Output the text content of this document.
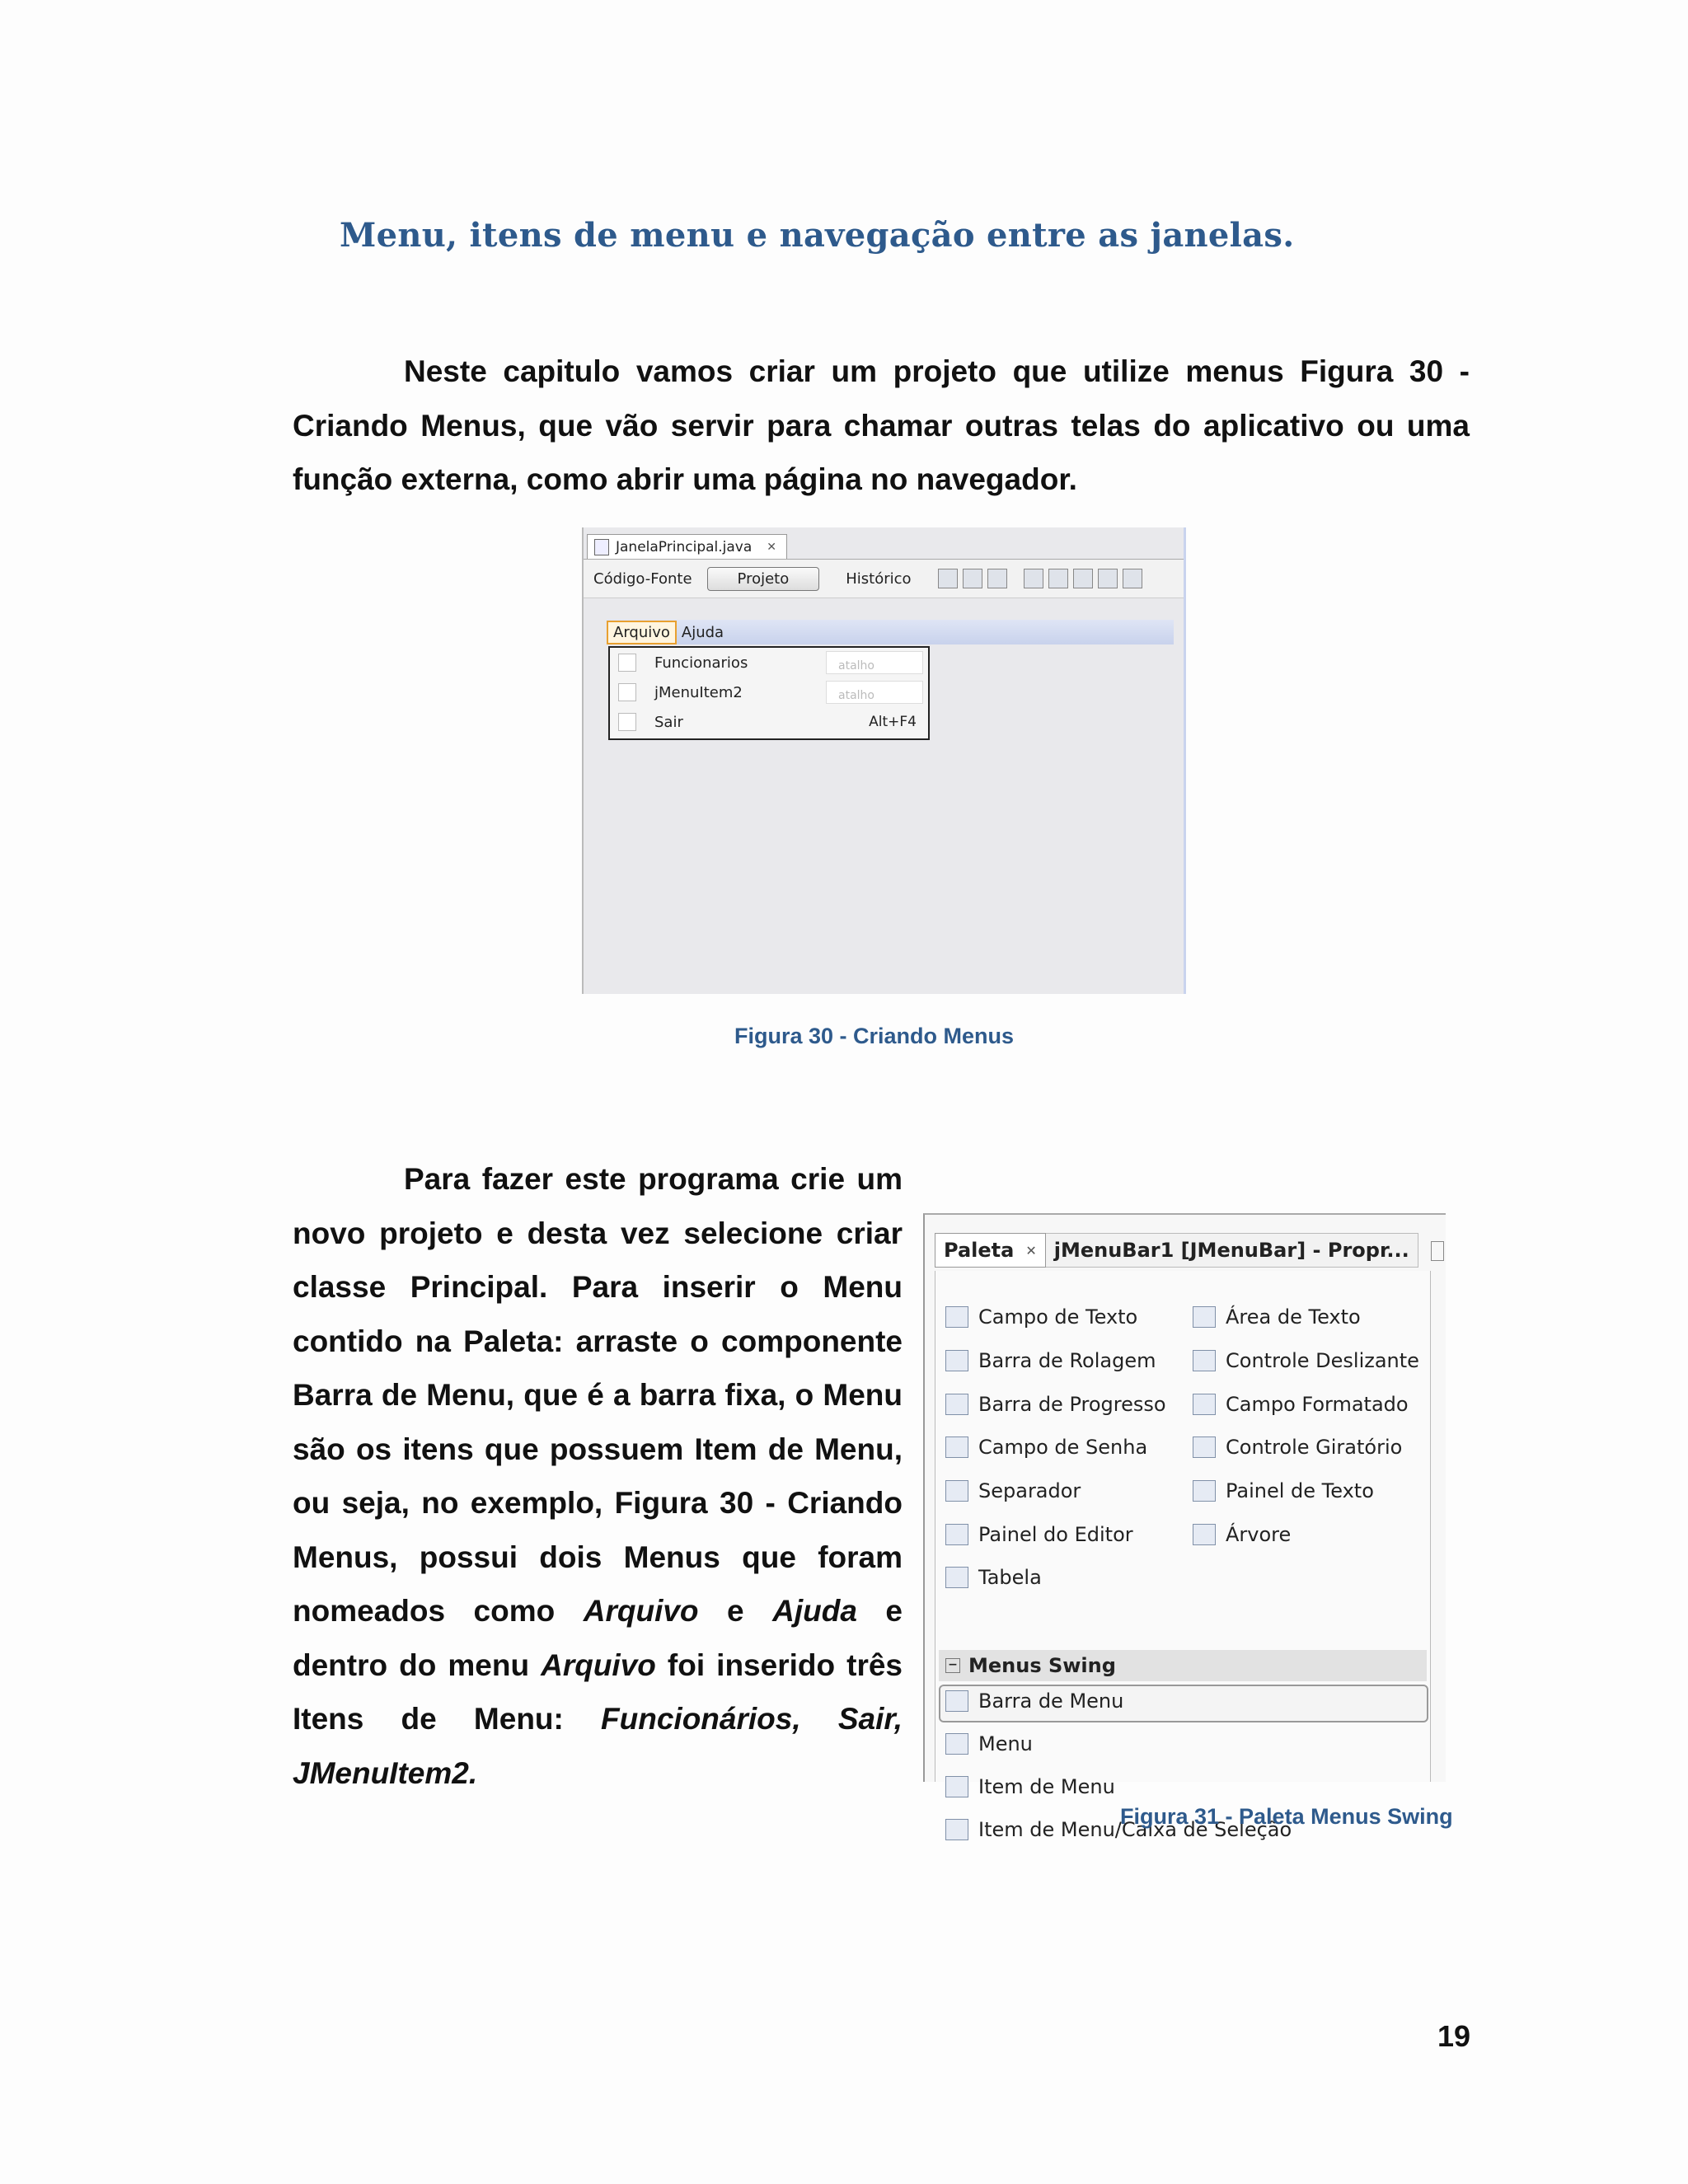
Menu, itens de menu e navegação entre as janelas.
Neste capitulo vamos criar um projeto que utilize menus Figura 30 - Criando Menus, que vão servir para chamar outras telas do aplicativo ou uma função externa, como abrir uma página no navegador.
JanelaPrincipal.java ✕
Código-Fonte	Projeto	Histórico
Arquivo Ajuda
Funcionarios	atalho
jMenuItem2	atalho
Sair	Alt+F4
Figura 30 - Criando Menus
Para fazer este programa crie um novo projeto e desta vez selecione criar classe Principal. Para inserir o Menu contido na Paleta: arraste o componente Barra de Menu, que é a barra fixa, o Menu são os itens que possuem Item de Menu, ou seja, no exemplo, Figura 30 - Criando Menus, possui dois Menus que foram nomeados como Arquivo e Ajuda e dentro do menu Arquivo foi inserido três Itens de Menu: Funcionários, Sair, JMenuItem2.
Paleta ✕ jMenuBar1 [JMenuBar] - Propr...
Campo de Texto
Barra de Rolagem
Barra de Progresso
Campo de Senha
Separador
Painel do Editor
Tabela
Área de Texto
Controle Deslizante
Campo Formatado
Controle Giratório
Painel de Texto
Árvore
− Menus Swing
Barra de Menu
Menu
Item de Menu
Item de Menu/Caixa de Seleção
Figura 31 - Paleta Menus Swing
19
